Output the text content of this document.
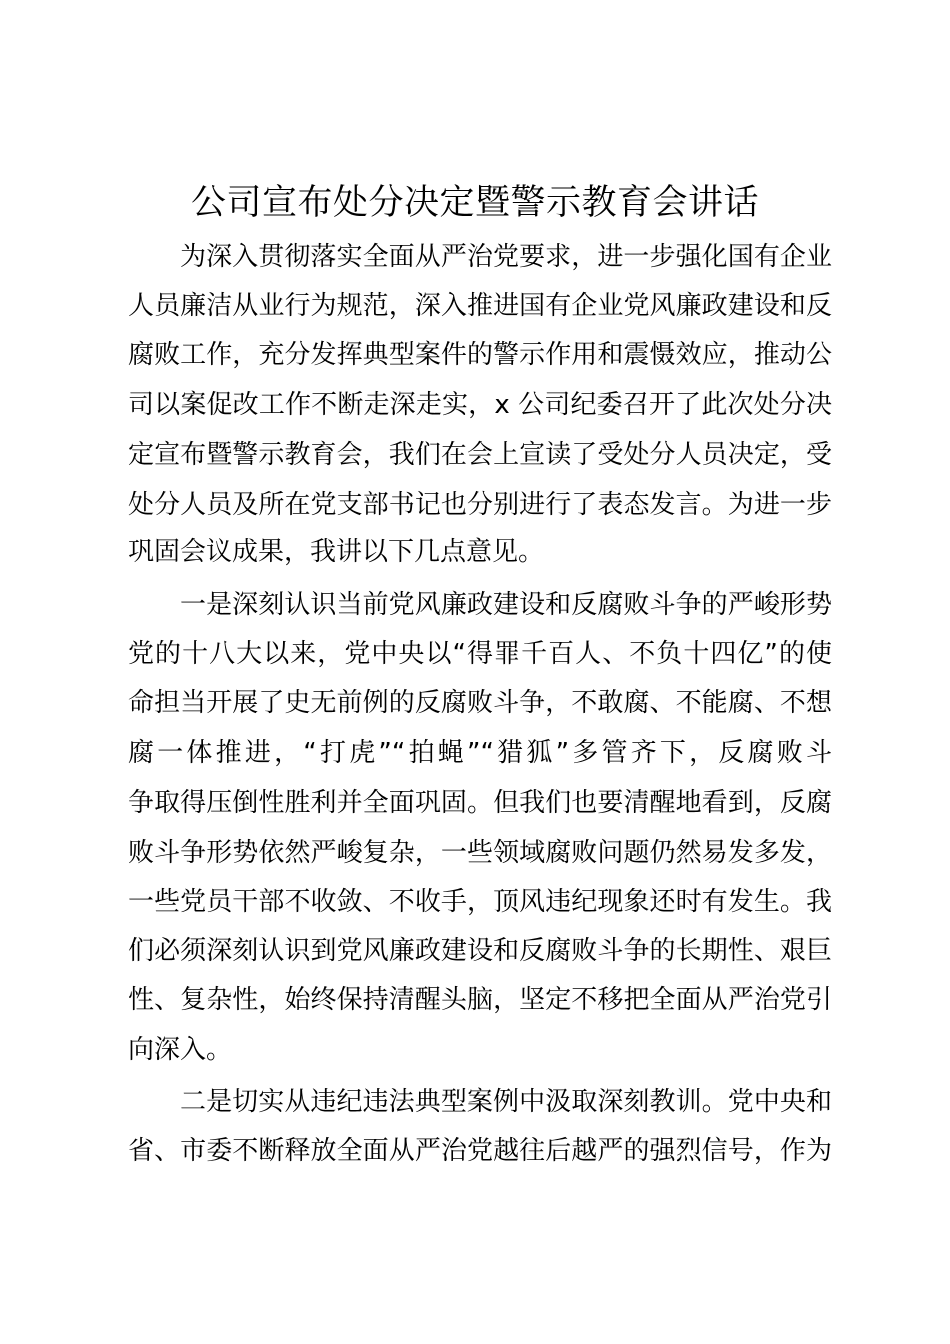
公司宣布处分决定暨警示教育会讲话
为深入贯彻落实全面从严治党要求，进一步强化国有企业
人员廉洁从业行为规范，深入推进国有企业党风廉政建设和反
腐败工作，充分发挥典型案件的警示作用和震慑效应，推动公
司以案促改工作不断走深走实，x 公司纪委召开了此次处分决
定宣布暨警示教育会，我们在会上宣读了受处分人员决定，受
处分人员及所在党支部书记也分别进行了表态发言。为进一步
巩固会议成果，我讲以下几点意见。
一是深刻认识当前党风廉政建设和反腐败斗争的严峻形势
党的十八大以来，党中央以“得罪千百人、不负十四亿”的使
命担当开展了史无前例的反腐败斗争，不敢腐、不能腐、不想
腐一体推进，“打虎”“拍蝇”“猎狐”多管齐下，反腐败斗
争取得压倒性胜利并全面巩固。但我们也要清醒地看到，反腐
败斗争形势依然严峻复杂，一些领域腐败问题仍然易发多发，
一些党员干部不收敛、不收手，顶风违纪现象还时有发生。我
们必须深刻认识到党风廉政建设和反腐败斗争的长期性、艰巨
性、复杂性，始终保持清醒头脑，坚定不移把全面从严治党引
向深入。
二是切实从违纪违法典型案例中汲取深刻教训。党中央和
省、市委不断释放全面从严治党越往后越严的强烈信号，作为
